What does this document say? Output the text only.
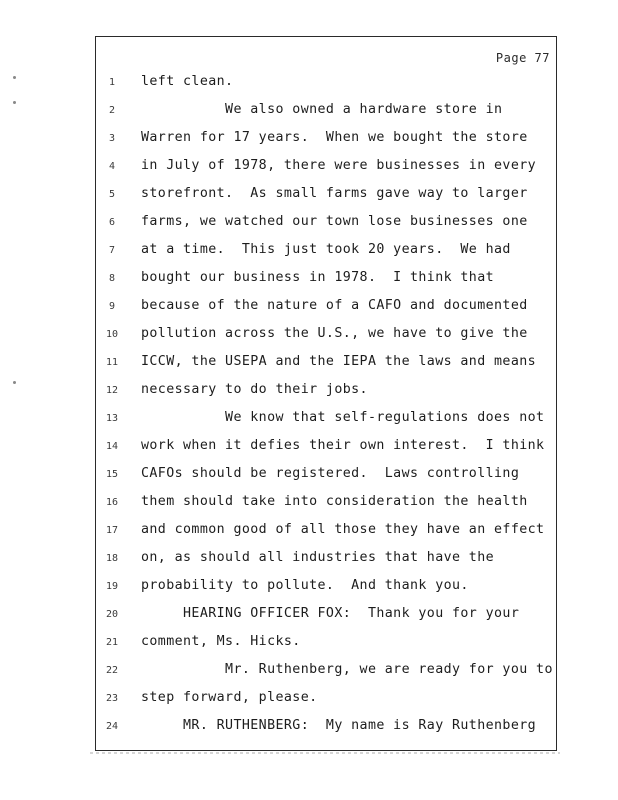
Page 77
1	left clean.
2	We also owned a hardware store in
3	Warren for 17 years.  When we bought the store
4	in July of 1978, there were businesses in every
5	storefront.  As small farms gave way to larger
6	farms, we watched our town lose businesses one
7	at a time.  This just took 20 years.  We had
8	bought our business in 1978.  I think that
9	because of the nature of a CAFO and documented
10 pollution across the U.S., we have to give the
11 ICCW, the USEPA and the IEPA the laws and means
12 necessary to do their jobs.
13 We know that self-regulations does not
14 work when it defies their own interest.  I think
15 CAFOs should be registered.  Laws controlling
16 them should take into consideration the health
17 and common good of all those they have an effect
18 on, as should all industries that have the
19 probability to pollute.  And thank you.
20 HEARING OFFICER FOX:  Thank you for your
21 comment, Ms. Hicks.
22 Mr. Ruthenberg, we are ready for you to
23 step forward, please.
24 MR. RUTHENBERG:  My name is Ray Ruthenberg
